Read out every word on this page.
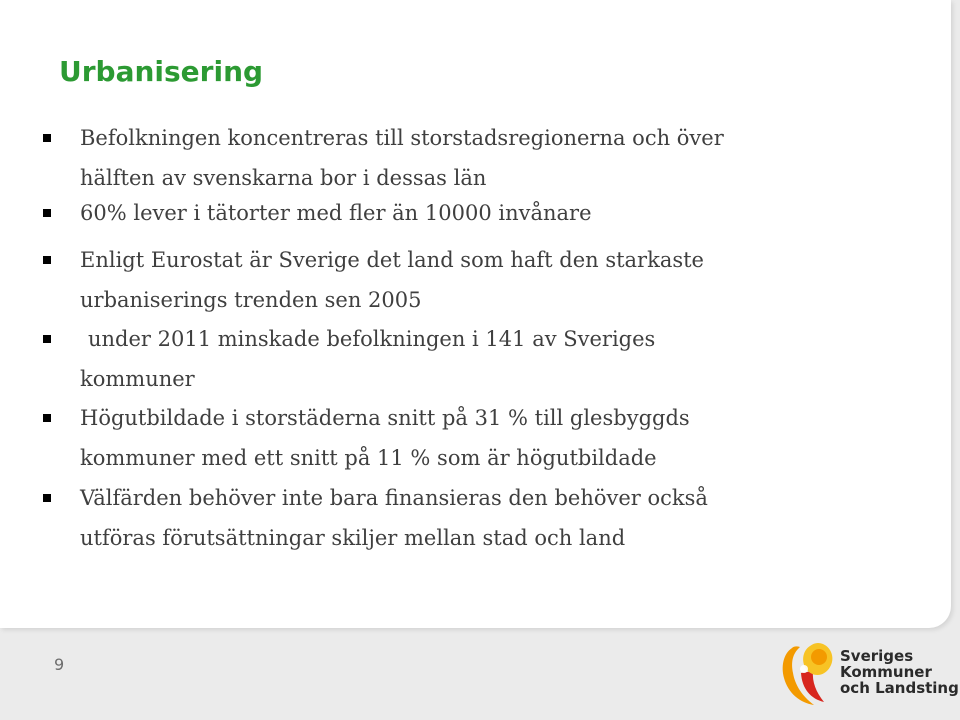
Urbanisering
Befolkningen koncentreras till storstadsregionerna och över
hälften av svenskarna bor i dessas län
60% lever i tätorter med fler än 10000 invånare
Enligt Eurostat är Sverige det land som haft den starkaste
urbaniserings trenden sen 2005
under 2011 minskade befolkningen i 141 av Sveriges
kommuner
Högutbildade i storstäderna snitt på 31 % till glesbyggds
kommuner med ett snitt på 11 % som är högutbildade
Välfärden behöver inte bara finansieras den behöver också
utföras förutsättningar skiljer mellan stad och land
9	Sveriges
Kommuner
och Landsting
